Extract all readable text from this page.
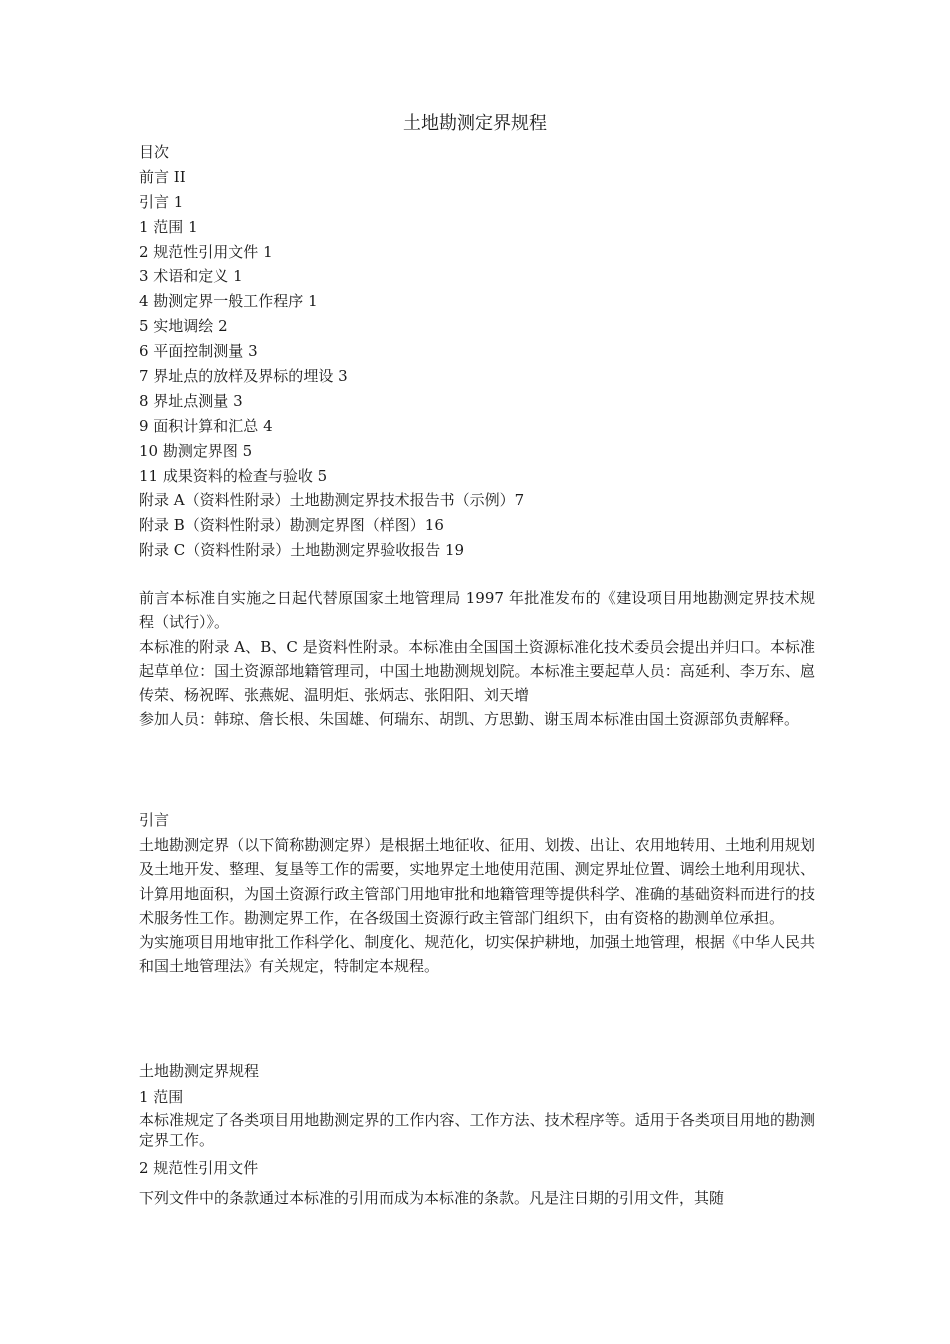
土地勘测定界规程
目次
前言 II
引言 1
1 范围 1
2 规范性引用文件 1
3 术语和定义 1
4 勘测定界一般工作程序 1
5 实地调绘 2
6 平面控制测量 3
7 界址点的放样及界标的埋设 3
8 界址点测量 3
9 面积计算和汇总 4
10 勘测定界图 5
11 成果资料的检查与验收 5
附录 A（资料性附录）土地勘测定界技术报告书（示例）7
附录 B（资料性附录）勘测定界图（样图）16
附录 C（资料性附录）土地勘测定界验收报告 19

前言本标准自实施之日起代替原国家土地管理局 1997 年批准发布的《建设项目用地勘测定界技术规程（试行）》。

本标准的附录 A、B、C 是资料性附录。本标准由全国国土资源标准化技术委员会提出并归口。本标准起草单位：国土资源部地籍管理司，中国土地勘测规划院。本标准主要起草人员：高延利、李万东、扈传荣、杨祝晖、张燕妮、温明炬、张炳志、张阳阳、刘天增

参加人员：韩琼、詹长根、朱国雄、何瑞东、胡凯、方思勤、谢玉周本标准由国土资源部负责解释。

引言

土地勘测定界（以下简称勘测定界）是根据土地征收、征用、划拨、出让、农用地转用、土地利用规划及土地开发、整理、复垦等工作的需要，实地界定土地使用范围、测定界址位置、调绘土地利用现状、计算用地面积，为国土资源行政主管部门用地审批和地籍管理等提供科学、准确的基础资料而进行的技术服务性工作。勘测定界工作，在各级国土资源行政主管部门组织下，由有资格的勘测单位承担。

为实施项目用地审批工作科学化、制度化、规范化，切实保护耕地，加强土地管理，根据《中华人民共和国土地管理法》有关规定，特制定本规程。

土地勘测定界规程
1 范围
本标准规定了各类项目用地勘测定界的工作内容、工作方法、技术程序等。适用于各类项目用地的勘测定界工作。
2 规范性引用文件
下列文件中的条款通过本标准的引用而成为本标准的条款。凡是注日期的引用文件，其随
